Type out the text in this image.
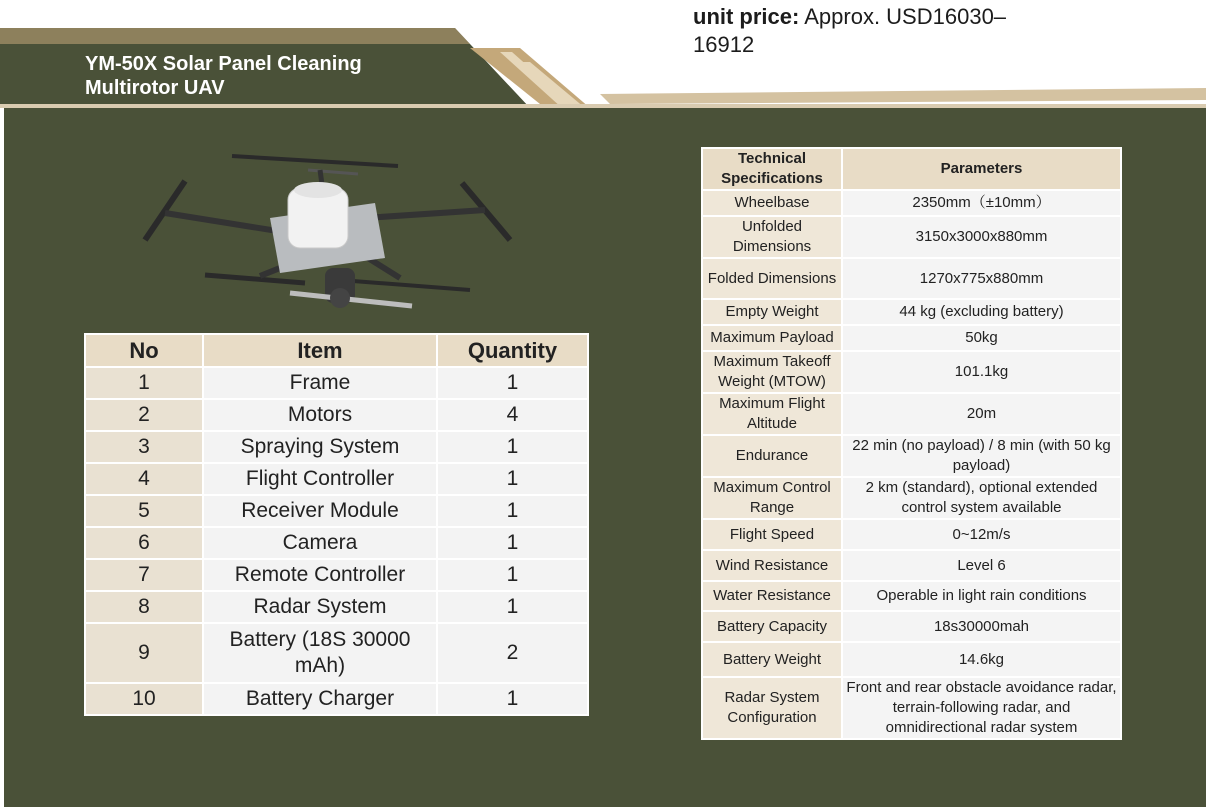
YM-50X Solar Panel Cleaning
Multirotor UAV
unit price: Approx. USD16030– 16912
No	Item	Quantity
1	Frame	1
2	Motors	4
3	Spraying System	1
4	Flight Controller	1
5	Receiver Module	1
6	Camera	1
7	Remote Controller	1
8	Radar System	1
9	Battery (18S 30000 mAh)	2
10	Battery Charger	1
Technical Specifications	Parameters
Wheelbase	2350mm（±10mm）
Unfolded Dimensions	3150x3000x880mm
Folded Dimensions	1270x775x880mm
Empty Weight	44 kg (excluding battery)
Maximum Payload	50kg
Maximum Takeoff Weight (MTOW)	101.1kg
Maximum Flight Altitude	20m
Endurance	22 min (no payload) / 8 min (with 50 kg payload)
Maximum Control Range	2 km (standard), optional extended control system available
Flight Speed	0~12m/s
Wind Resistance	Level 6
Water Resistance	Operable in light rain conditions
Battery Capacity	18s30000mah
Battery Weight	14.6kg
Radar System Configuration	Front and rear obstacle avoidance radar, terrain-following radar, and omnidirectional radar system
